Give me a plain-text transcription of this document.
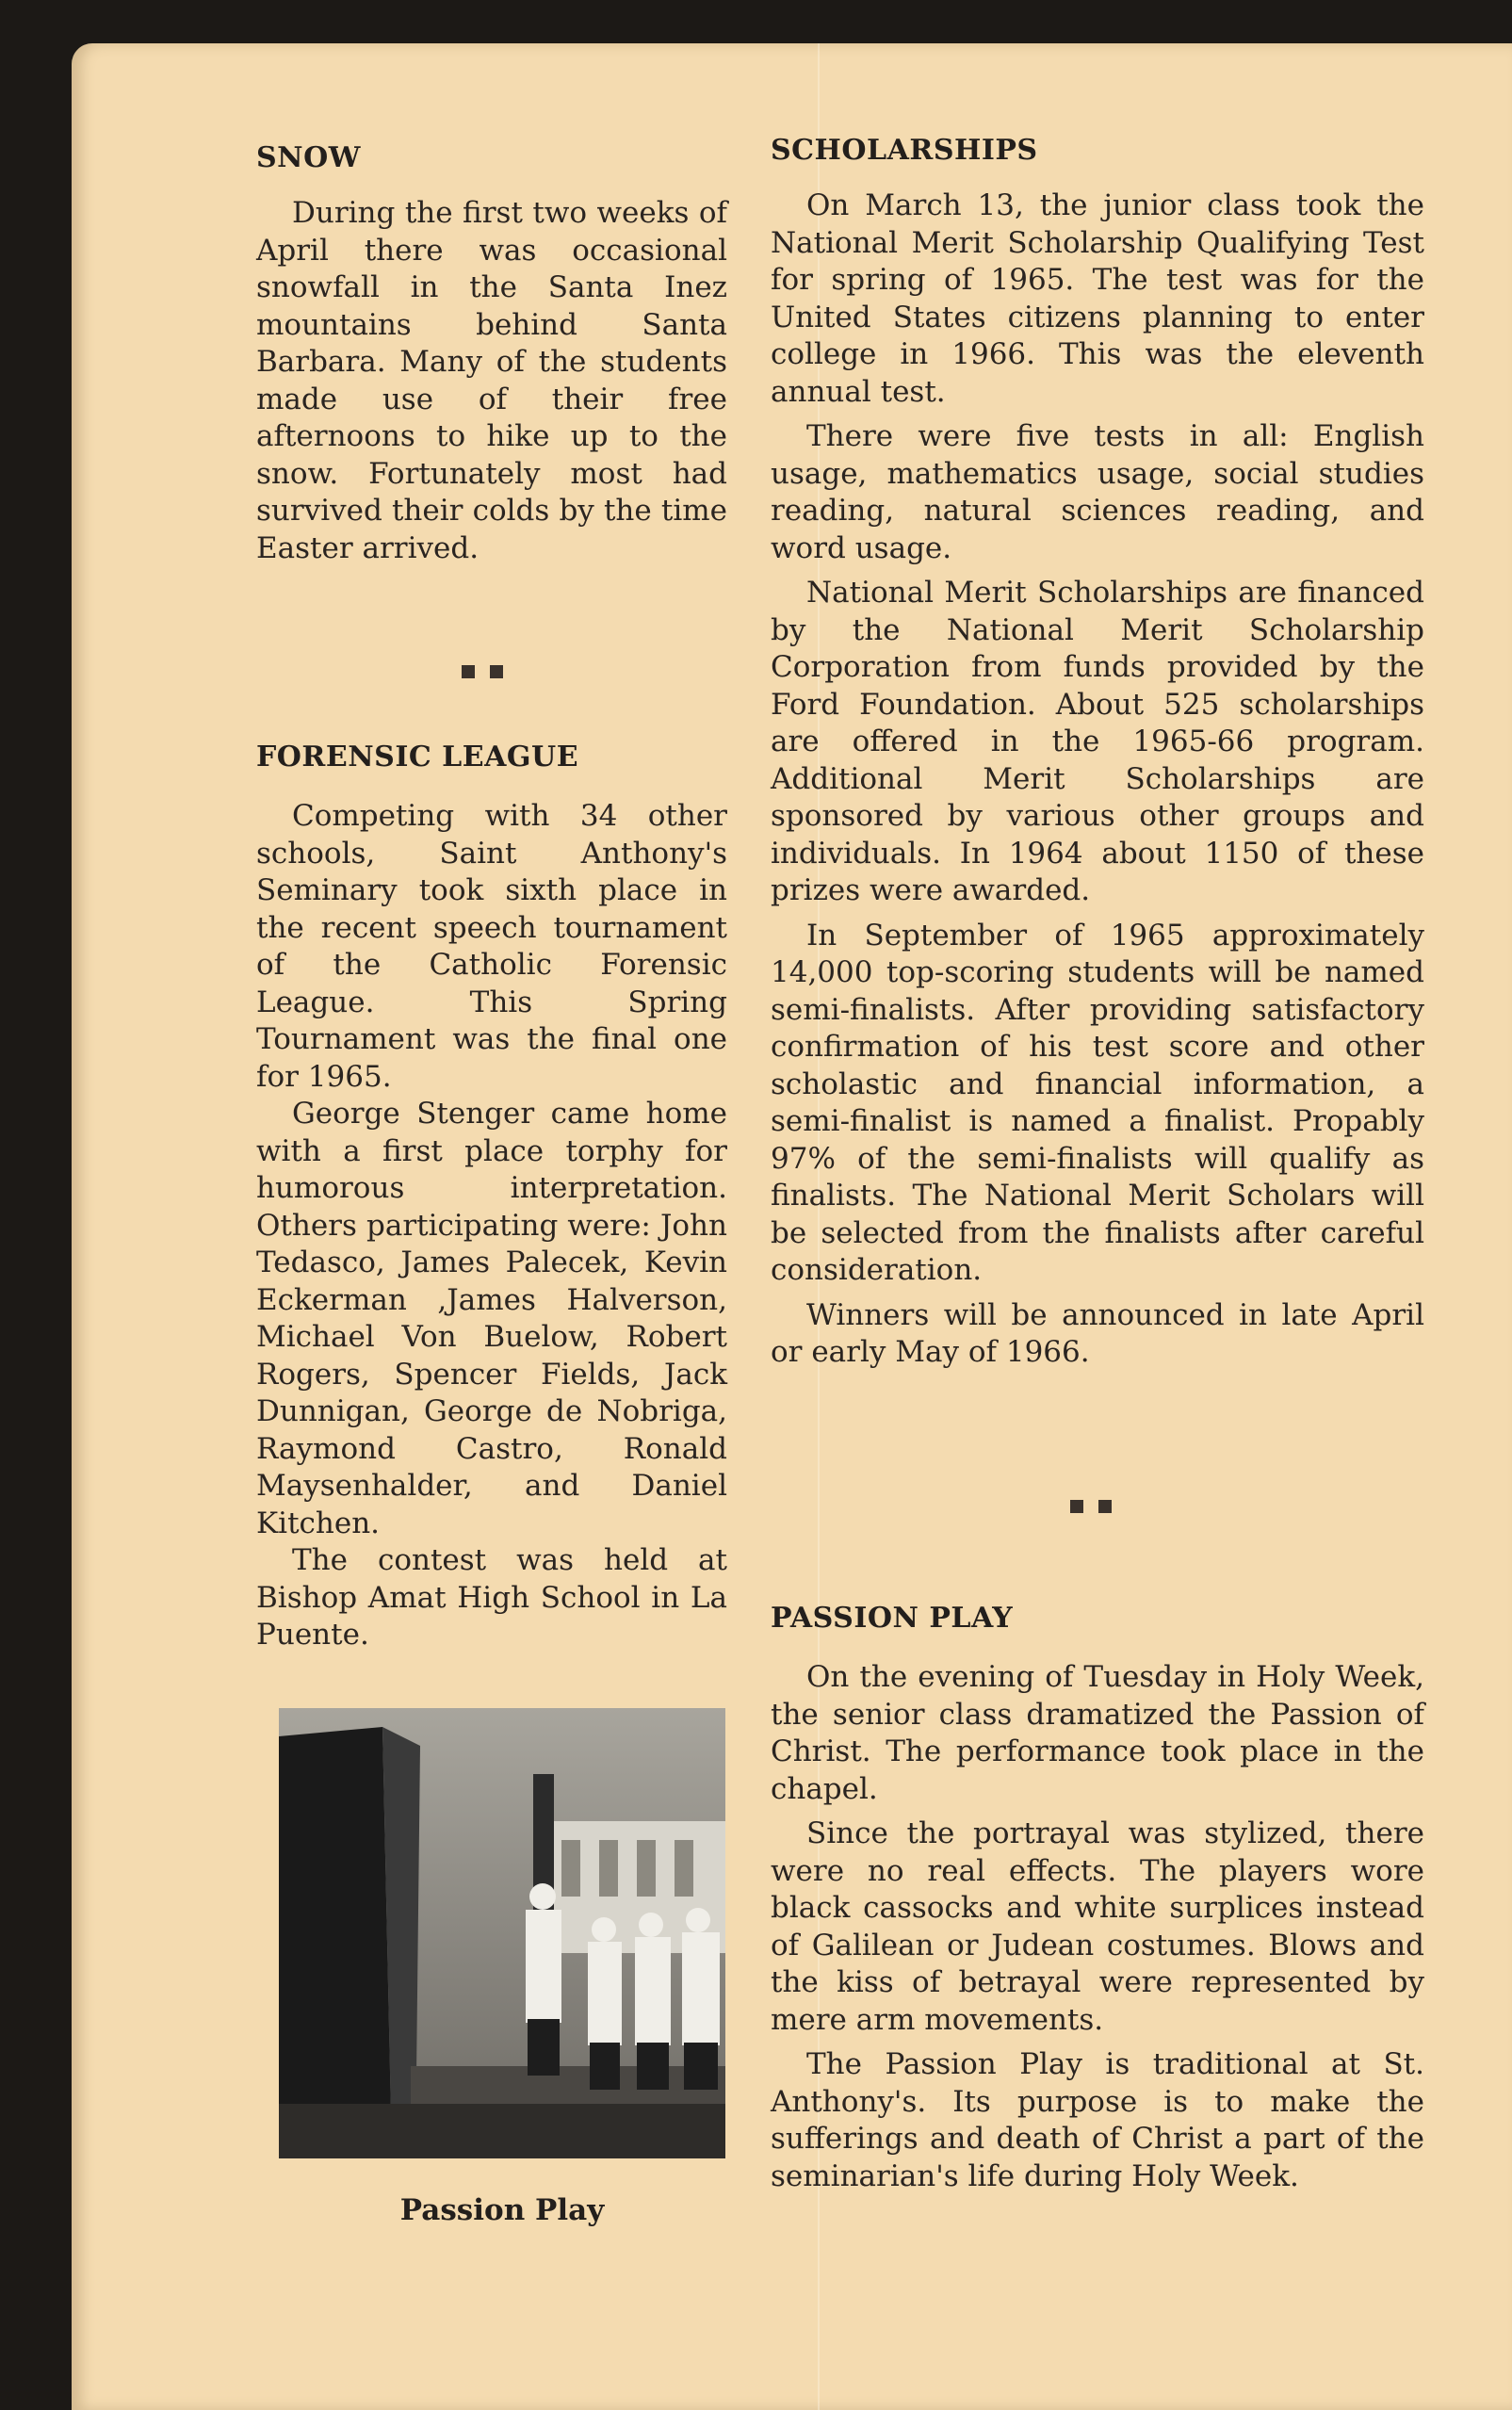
SNOW

During the first two weeks of April there was occasional snowfall in the Santa Inez mountains behind Santa Barbara. Many of the students made use of their free afternoons to hike up to the snow. Fortunately most had survived their colds by the time Easter arrived.

FORENSIC LEAGUE

Competing with 34 other schools, Saint Anthony's Seminary took sixth place in the recent speech tournament of the Catholic Forensic League. This Spring Tournament was the final one for 1965.

George Stenger came home with a first place torphy for humorous interpretation. Others participating were: John Tedasco, James Palecek, Kevin Eckerman ,James Halverson, Michael Von Buelow, Robert Rogers, Spencer Fields, Jack Dunnigan, George de Nobriga, Raymond Castro, Ronald Maysenhalder, and Daniel Kitchen.

The contest was held at Bishop Amat High School in La Puente.

Passion Play

SCHOLARSHIPS

On March 13, the junior class took the National Merit Scholarship Qualifying Test for spring of 1965. The test was for the United States citizens planning to enter college in 1966. This was the eleventh annual test.

There were five tests in all: English usage, mathematics usage, social studies reading, natural sciences reading, and word usage.

National Merit Scholarships are financed by the National Merit Scholarship Corporation from funds provided by the Ford Foundation. About 525 scholarships are offered in the 1965-66 program. Additional Merit Scholarships are sponsored by various other groups and individuals. In 1964 about 1150 of these prizes were awarded.

In September of 1965 approximately 14,000 top-scoring students will be named semi-finalists. After providing satisfactory confirmation of his test score and other scholastic and financial information, a semi-finalist is named a finalist. Propably 97% of the semi-finalists will qualify as finalists. The National Merit Scholars will be selected from the finalists after careful consideration.

Winners will be announced in late April or early May of 1966.

PASSION PLAY

On the evening of Tuesday in Holy Week, the senior class dramatized the Passion of Christ. The performance took place in the chapel.

Since the portrayal was stylized, there were no real effects. The players wore black cassocks and white surplices instead of Galilean or Judean costumes. Blows and the kiss of betrayal were represented by mere arm movements.

The Passion Play is traditional at St. Anthony's. Its purpose is to make the sufferings and death of Christ a part of the seminarian's life during Holy Week.
